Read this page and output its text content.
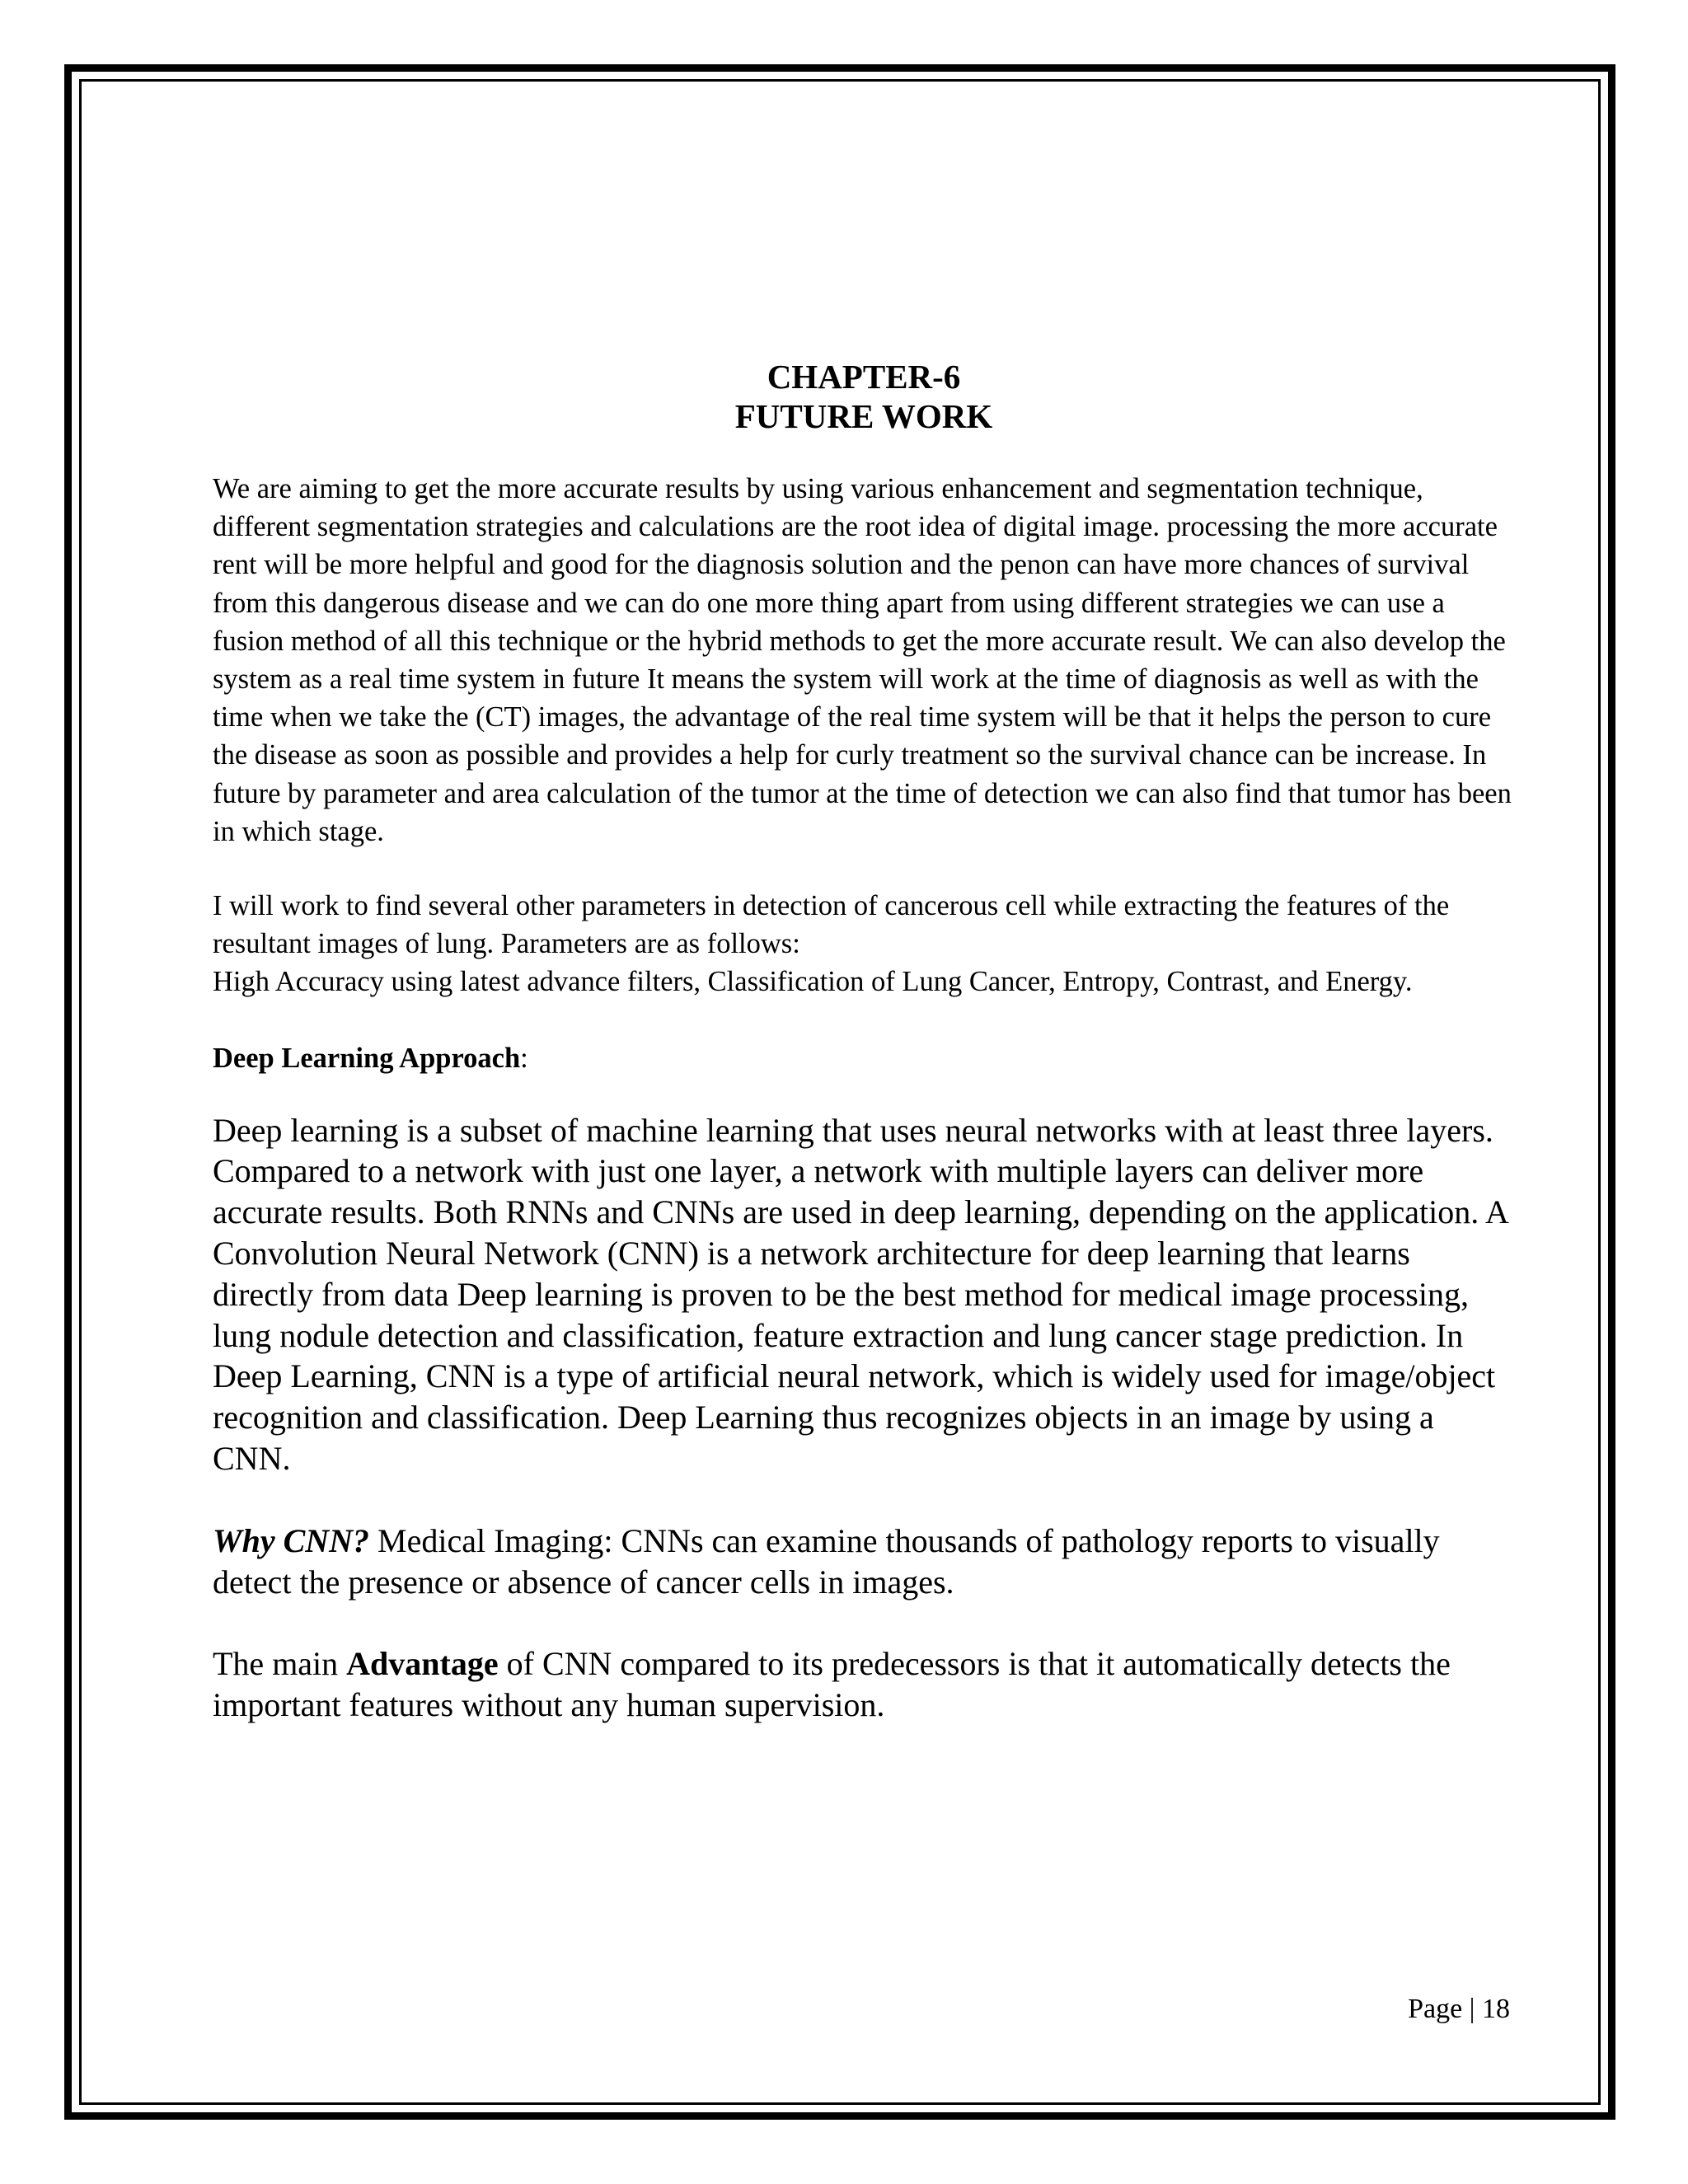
CHAPTER-6
FUTURE WORK

We are aiming to get the more accurate results by using various enhancement and segmentation technique, different segmentation strategies and calculations are the root idea of digital image. processing the more accurate rent will be more helpful and good for the diagnosis solution and the penon can have more chances of survival from this dangerous disease and we can do one more thing apart from using different strategies we can use a fusion method of all this technique or the hybrid methods to get the more accurate result. We can also develop the system as a real time system in future It means the system will work at the time of diagnosis as well as with the time when we take the (CT) images, the advantage of the real time system will be that it helps the person to cure the disease as soon as possible and provides a help for curly treatment so the survival chance can be increase. In future by parameter and area calculation of the tumor at the time of detection we can also find that tumor has been in which stage.

I will work to find several other parameters in detection of cancerous cell while extracting the features of the resultant images of lung. Parameters are as follows:

High Accuracy using latest advance filters, Classification of Lung Cancer, Entropy, Contrast, and Energy.

Deep Learning Approach:

Deep learning is a subset of machine learning that uses neural networks with at least three layers. Compared to a network with just one layer, a network with multiple layers can deliver more accurate results. Both RNNs and CNNs are used in deep learning, depending on the application. A Convolution Neural Network (CNN) is a network architecture for deep learning that learns directly from data Deep learning is proven to be the best method for medical image processing, lung nodule detection and classification, feature extraction and lung cancer stage prediction. In Deep Learning, CNN is a type of artificial neural network, which is widely used for image/object recognition and classification. Deep Learning thus recognizes objects in an image by using a CNN.

Why CNN? Medical Imaging: CNNs can examine thousands of pathology reports to visually detect the presence or absence of cancer cells in images.

The main Advantage of CNN compared to its predecessors is that it automatically detects the important features without any human supervision.

Page | 18
